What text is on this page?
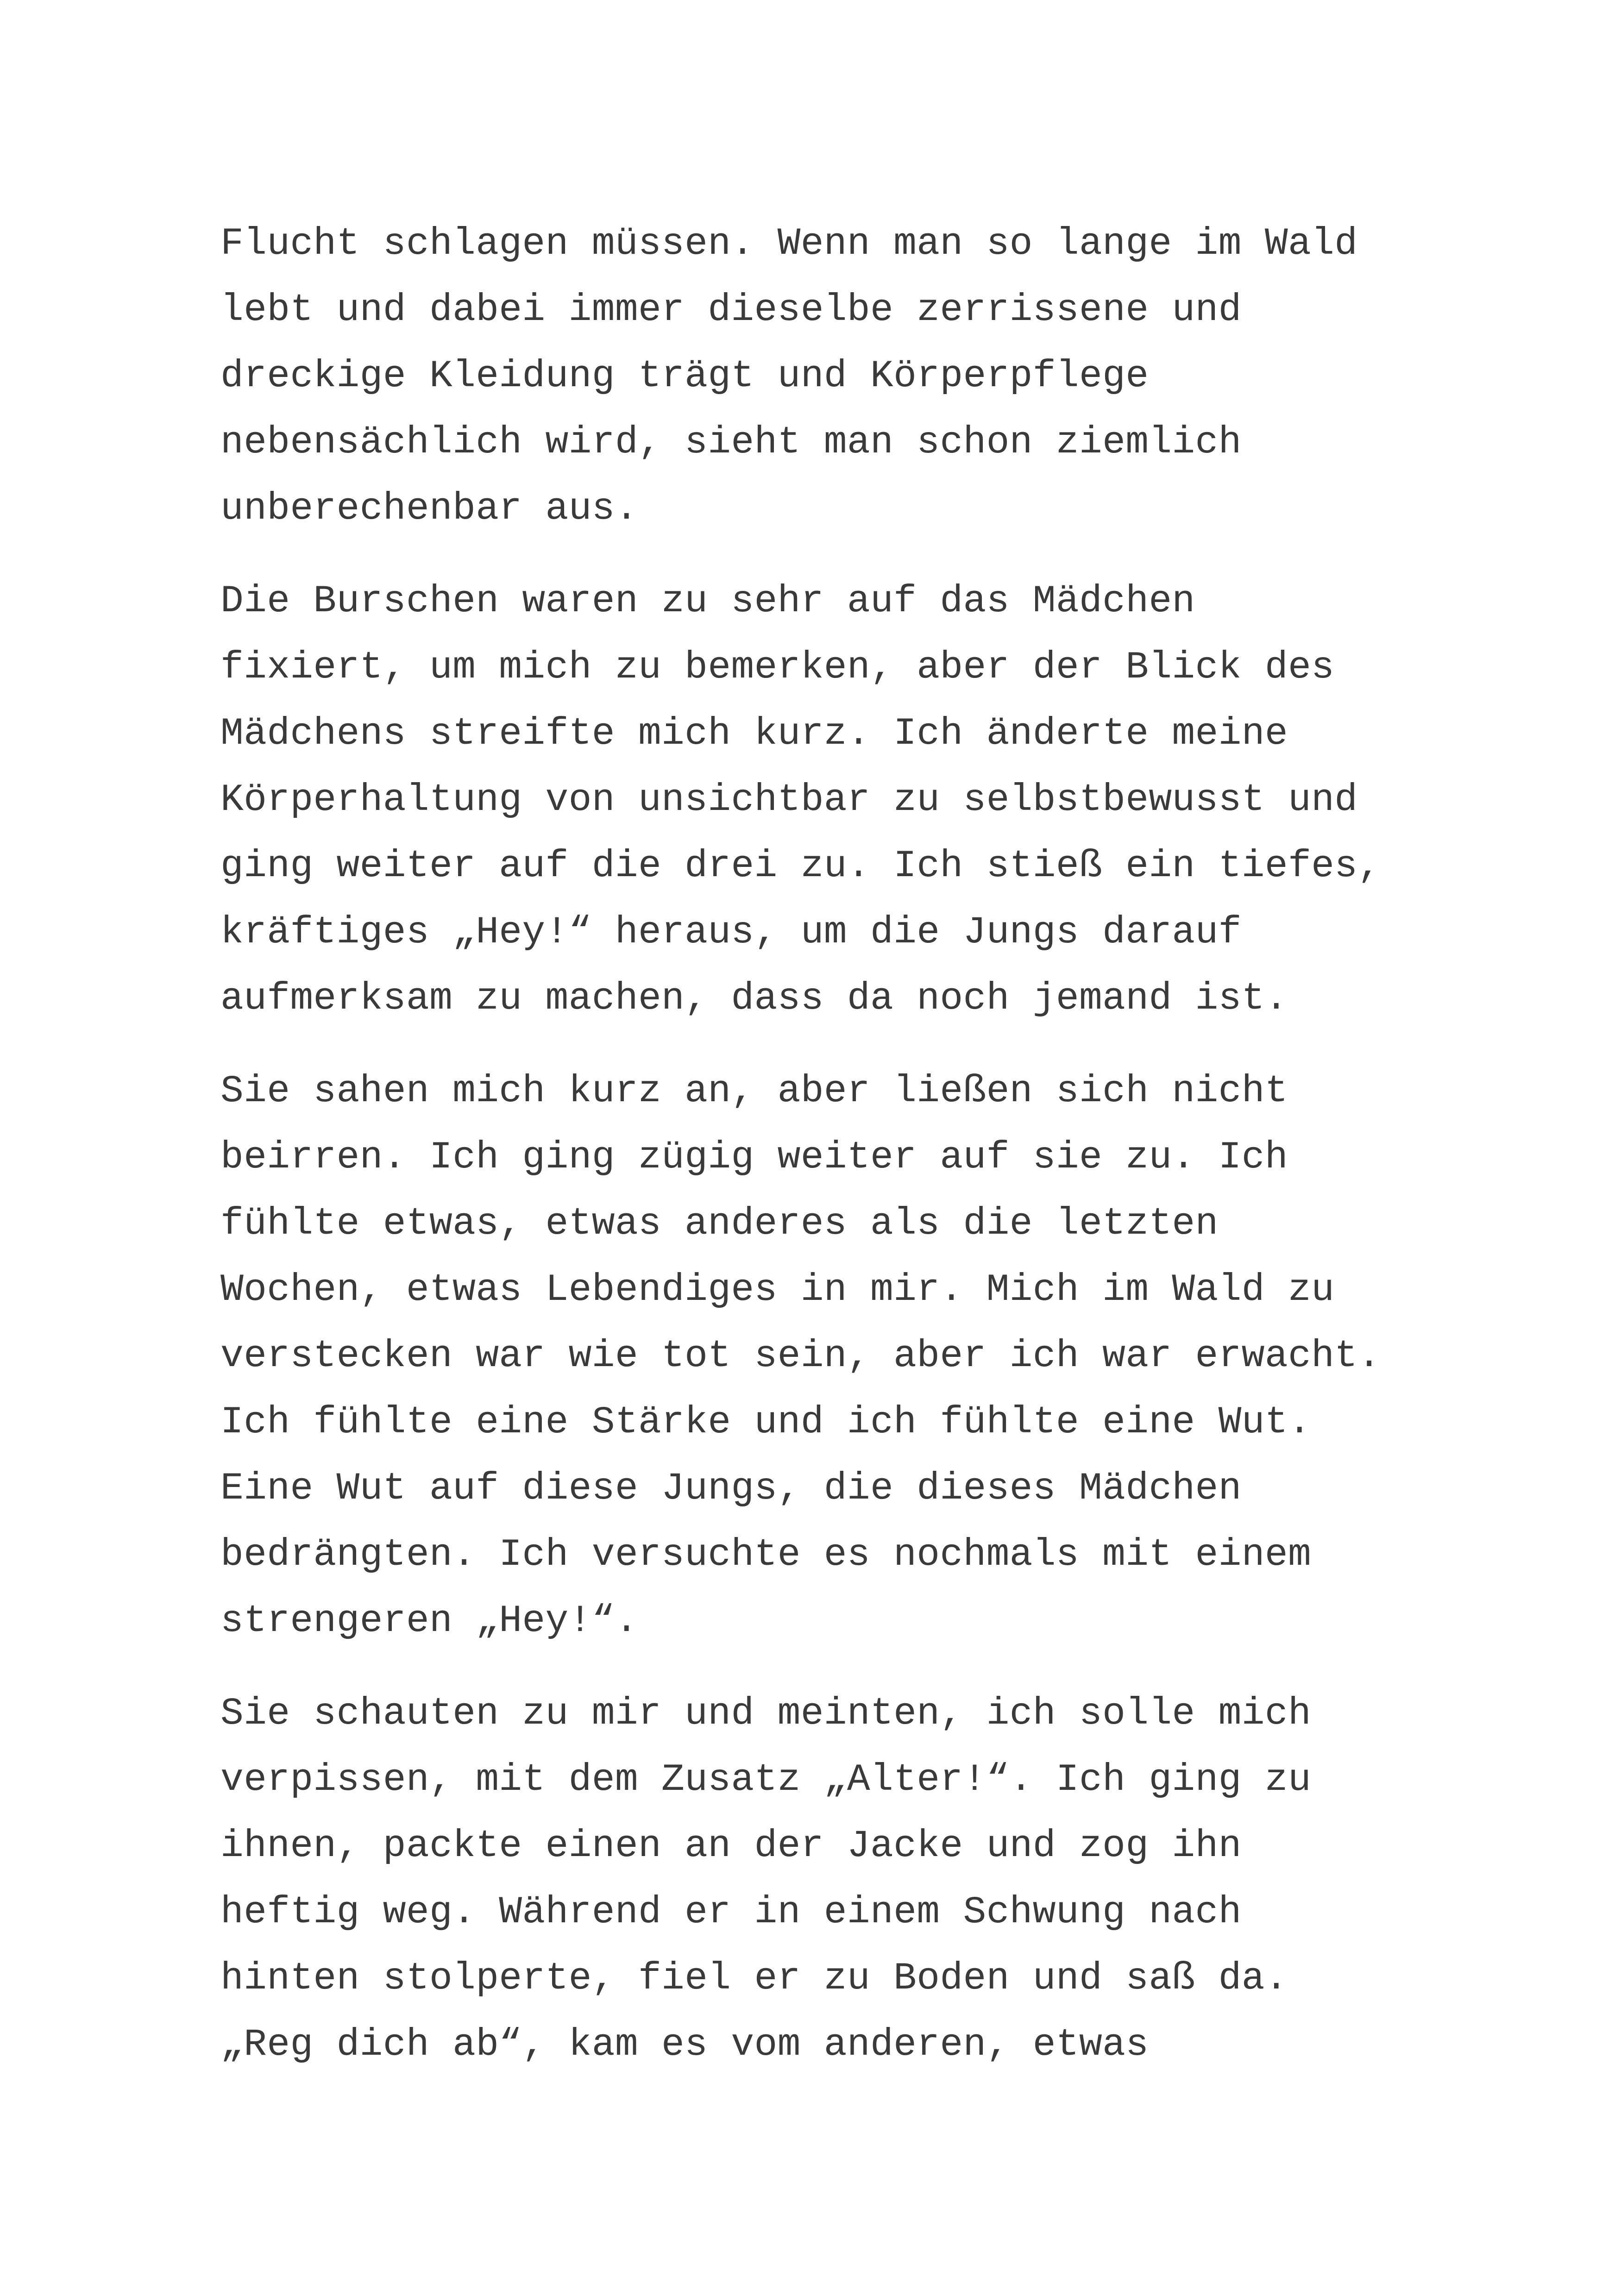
Flucht schlagen müssen. Wenn man so lange im Wald
lebt und dabei immer dieselbe zerrissene und
dreckige Kleidung trägt und Körperpflege
nebensächlich wird, sieht man schon ziemlich
unberechenbar aus.

Die Burschen waren zu sehr auf das Mädchen
fixiert, um mich zu bemerken, aber der Blick des
Mädchens streifte mich kurz. Ich änderte meine
Körperhaltung von unsichtbar zu selbstbewusst und
ging weiter auf die drei zu. Ich stieß ein tiefes,
kräftiges „Hey!“ heraus, um die Jungs darauf
aufmerksam zu machen, dass da noch jemand ist.

Sie sahen mich kurz an, aber ließen sich nicht
beirren. Ich ging zügig weiter auf sie zu. Ich
fühlte etwas, etwas anderes als die letzten
Wochen, etwas Lebendiges in mir. Mich im Wald zu
verstecken war wie tot sein, aber ich war erwacht.
Ich fühlte eine Stärke und ich fühlte eine Wut.
Eine Wut auf diese Jungs, die dieses Mädchen
bedrängten. Ich versuchte es nochmals mit einem
strengeren „Hey!“.

Sie schauten zu mir und meinten, ich solle mich
verpissen, mit dem Zusatz „Alter!“. Ich ging zu
ihnen, packte einen an der Jacke und zog ihn
heftig weg. Während er in einem Schwung nach
hinten stolperte, fiel er zu Boden und saß da.
„Reg dich ab“, kam es vom anderen, etwas
